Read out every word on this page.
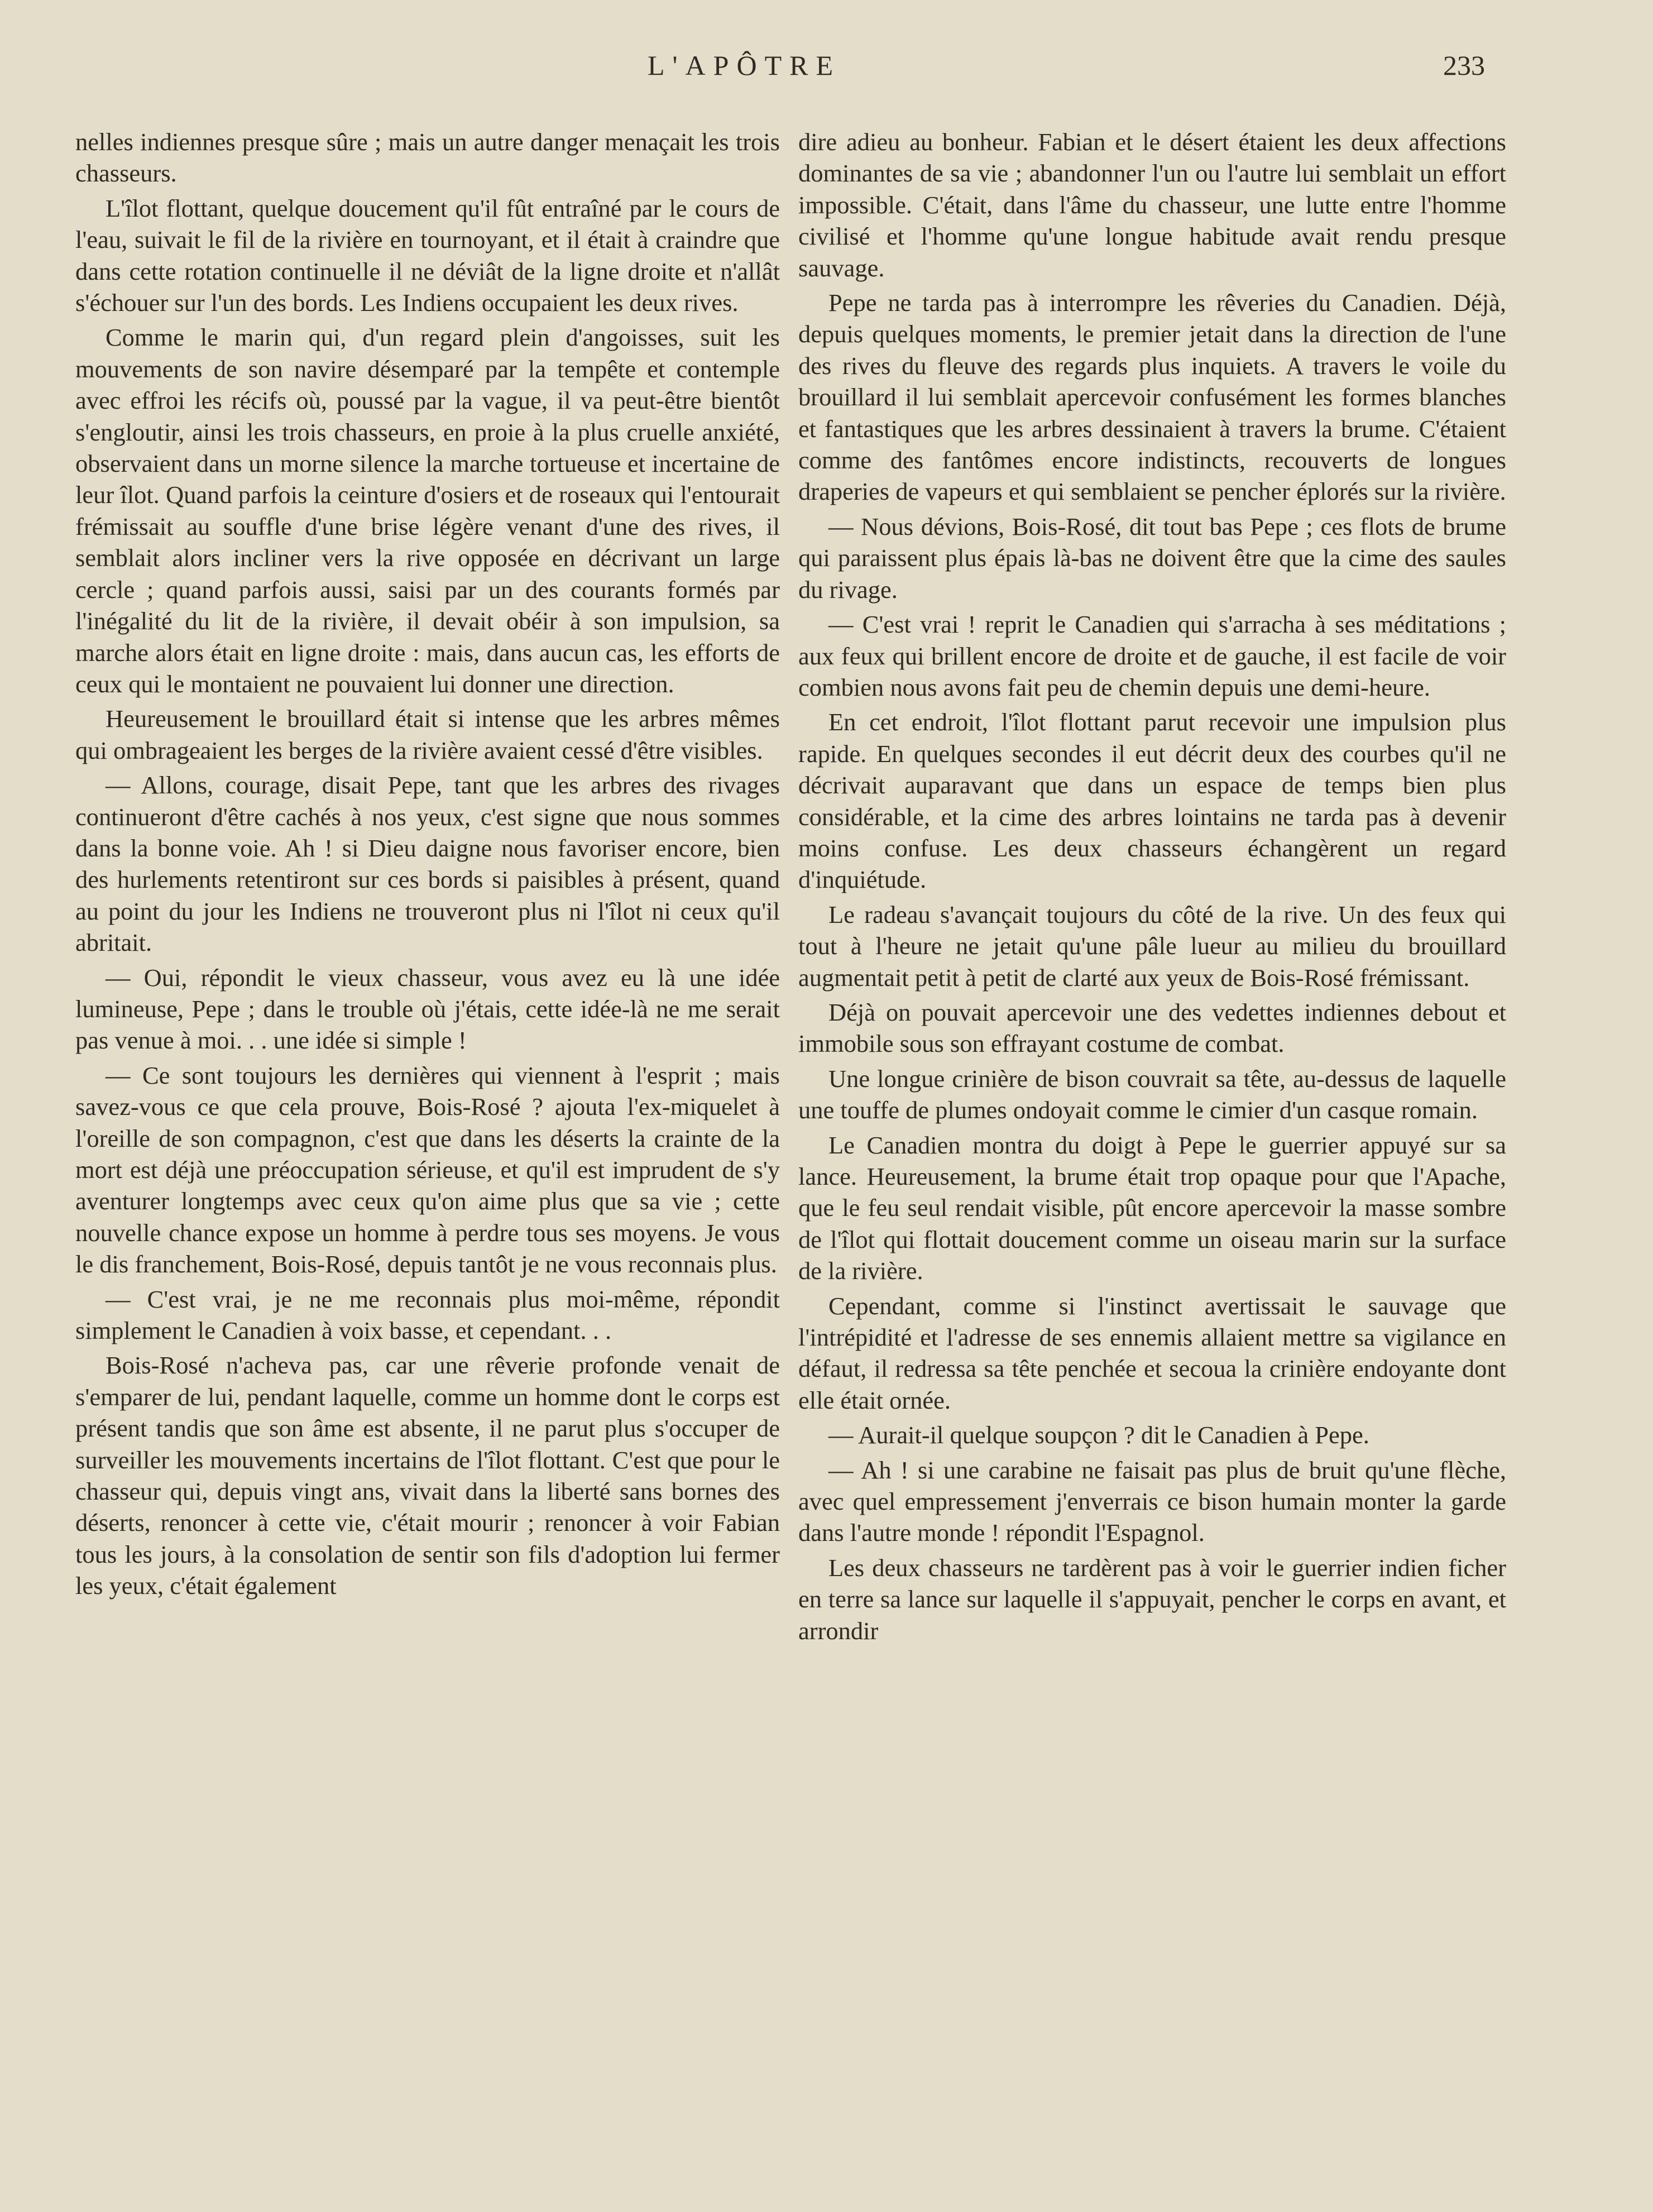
L'APÔTRE	233

nelles indiennes presque sûre ; mais un autre danger menaçait les trois chasseurs.

L'îlot flottant, quelque doucement qu'il fût entraîné par le cours de l'eau, suivait le fil de la rivière en tournoyant, et il était à craindre que dans cette rotation continuelle il ne déviât de la ligne droite et n'allât s'échouer sur l'un des bords. Les Indiens occupaient les deux rives.

Comme le marin qui, d'un regard plein d'angoisses, suit les mouvements de son navire désemparé par la tempête et contemple avec effroi les récifs où, poussé par la vague, il va peut-être bientôt s'engloutir, ainsi les trois chasseurs, en proie à la plus cruelle anxiété, observaient dans un morne silence la marche tortueuse et incertaine de leur îlot. Quand parfois la ceinture d'osiers et de roseaux qui l'entourait frémissait au souffle d'une brise légère venant d'une des rives, il semblait alors incliner vers la rive opposée en décrivant un large cercle ; quand parfois aussi, saisi par un des courants formés par l'inégalité du lit de la rivière, il devait obéir à son impulsion, sa marche alors était en ligne droite : mais, dans aucun cas, les efforts de ceux qui le montaient ne pouvaient lui donner une direction.

Heureusement le brouillard était si intense que les arbres mêmes qui ombrageaient les berges de la rivière avaient cessé d'être visibles.

— Allons, courage, disait Pepe, tant que les arbres des rivages continueront d'être cachés à nos yeux, c'est signe que nous sommes dans la bonne voie. Ah ! si Dieu daigne nous favoriser encore, bien des hurlements retentiront sur ces bords si paisibles à présent, quand au point du jour les Indiens ne trouveront plus ni l'îlot ni ceux qu'il abritait.

— Oui, répondit le vieux chasseur, vous avez eu là une idée lumineuse, Pepe ; dans le trouble où j'étais, cette idée-là ne me serait pas venue à moi. . . une idée si simple !

— Ce sont toujours les dernières qui viennent à l'esprit ; mais savez-vous ce que cela prouve, Bois-Rosé ? ajouta l'ex-miquelet à l'oreille de son compagnon, c'est que dans les déserts la crainte de la mort est déjà une préoccupation sérieuse, et qu'il est imprudent de s'y aventurer longtemps avec ceux qu'on aime plus que sa vie ; cette nouvelle chance expose un homme à perdre tous ses moyens. Je vous le dis franchement, Bois-Rosé, depuis tantôt je ne vous reconnais plus.

— C'est vrai, je ne me reconnais plus moi-même, répondit simplement le Canadien à voix basse, et cependant. . .

Bois-Rosé n'acheva pas, car une rêverie profonde venait de s'emparer de lui, pendant laquelle, comme un homme dont le corps est présent tandis que son âme est absente, il ne parut plus s'occuper de surveiller les mouvements incertains de l'îlot flottant. C'est que pour le chasseur qui, depuis vingt ans, vivait dans la liberté sans bornes des déserts, renoncer à cette vie, c'était mourir ; renoncer à voir Fabian tous les jours, à la consolation de sentir son fils d'adoption lui fermer les yeux, c'était également

dire adieu au bonheur. Fabian et le désert étaient les deux affections dominantes de sa vie ; abandonner l'un ou l'autre lui semblait un effort impossible. C'était, dans l'âme du chasseur, une lutte entre l'homme civilisé et l'homme qu'une longue habitude avait rendu presque sauvage.

Pepe ne tarda pas à interrompre les rêveries du Canadien. Déjà, depuis quelques moments, le premier jetait dans la direction de l'une des rives du fleuve des regards plus inquiets. A travers le voile du brouillard il lui semblait apercevoir confusément les formes blanches et fantastiques que les arbres dessinaient à travers la brume. C'étaient comme des fantômes encore indistincts, recouverts de longues draperies de vapeurs et qui semblaient se pencher éplorés sur la rivière.

— Nous dévions, Bois-Rosé, dit tout bas Pepe ; ces flots de brume qui paraissent plus épais là-bas ne doivent être que la cime des saules du rivage.

— C'est vrai ! reprit le Canadien qui s'arracha à ses méditations ; aux feux qui brillent encore de droite et de gauche, il est facile de voir combien nous avons fait peu de chemin depuis une demi-heure.

En cet endroit, l'îlot flottant parut recevoir une impulsion plus rapide. En quelques secondes il eut décrit deux des courbes qu'il ne décrivait auparavant que dans un espace de temps bien plus considérable, et la cime des arbres lointains ne tarda pas à devenir moins confuse. Les deux chasseurs échangèrent un regard d'inquiétude.

Le radeau s'avançait toujours du côté de la rive. Un des feux qui tout à l'heure ne jetait qu'une pâle lueur au milieu du brouillard augmentait petit à petit de clarté aux yeux de Bois-Rosé frémissant.

Déjà on pouvait apercevoir une des vedettes indiennes debout et immobile sous son effrayant costume de combat.

Une longue crinière de bison couvrait sa tête, au-dessus de laquelle une touffe de plumes ondoyait comme le cimier d'un casque romain.

Le Canadien montra du doigt à Pepe le guerrier appuyé sur sa lance. Heureusement, la brume était trop opaque pour que l'Apache, que le feu seul rendait visible, pût encore apercevoir la masse sombre de l'îlot qui flottait doucement comme un oiseau marin sur la surface de la rivière.

Cependant, comme si l'instinct avertissait le sauvage que l'intrépidité et l'adresse de ses ennemis allaient mettre sa vigilance en défaut, il redressa sa tête penchée et secoua la crinière endoyante dont elle était ornée.

— Aurait-il quelque soupçon ? dit le Canadien à Pepe.

— Ah ! si une carabine ne faisait pas plus de bruit qu'une flèche, avec quel empressement j'enverrais ce bison humain monter la garde dans l'autre monde ! répondit l'Espagnol.

Les deux chasseurs ne tardèrent pas à voir le guerrier indien ficher en terre sa lance sur laquelle il s'appuyait, pencher le corps en avant, et arrondir
